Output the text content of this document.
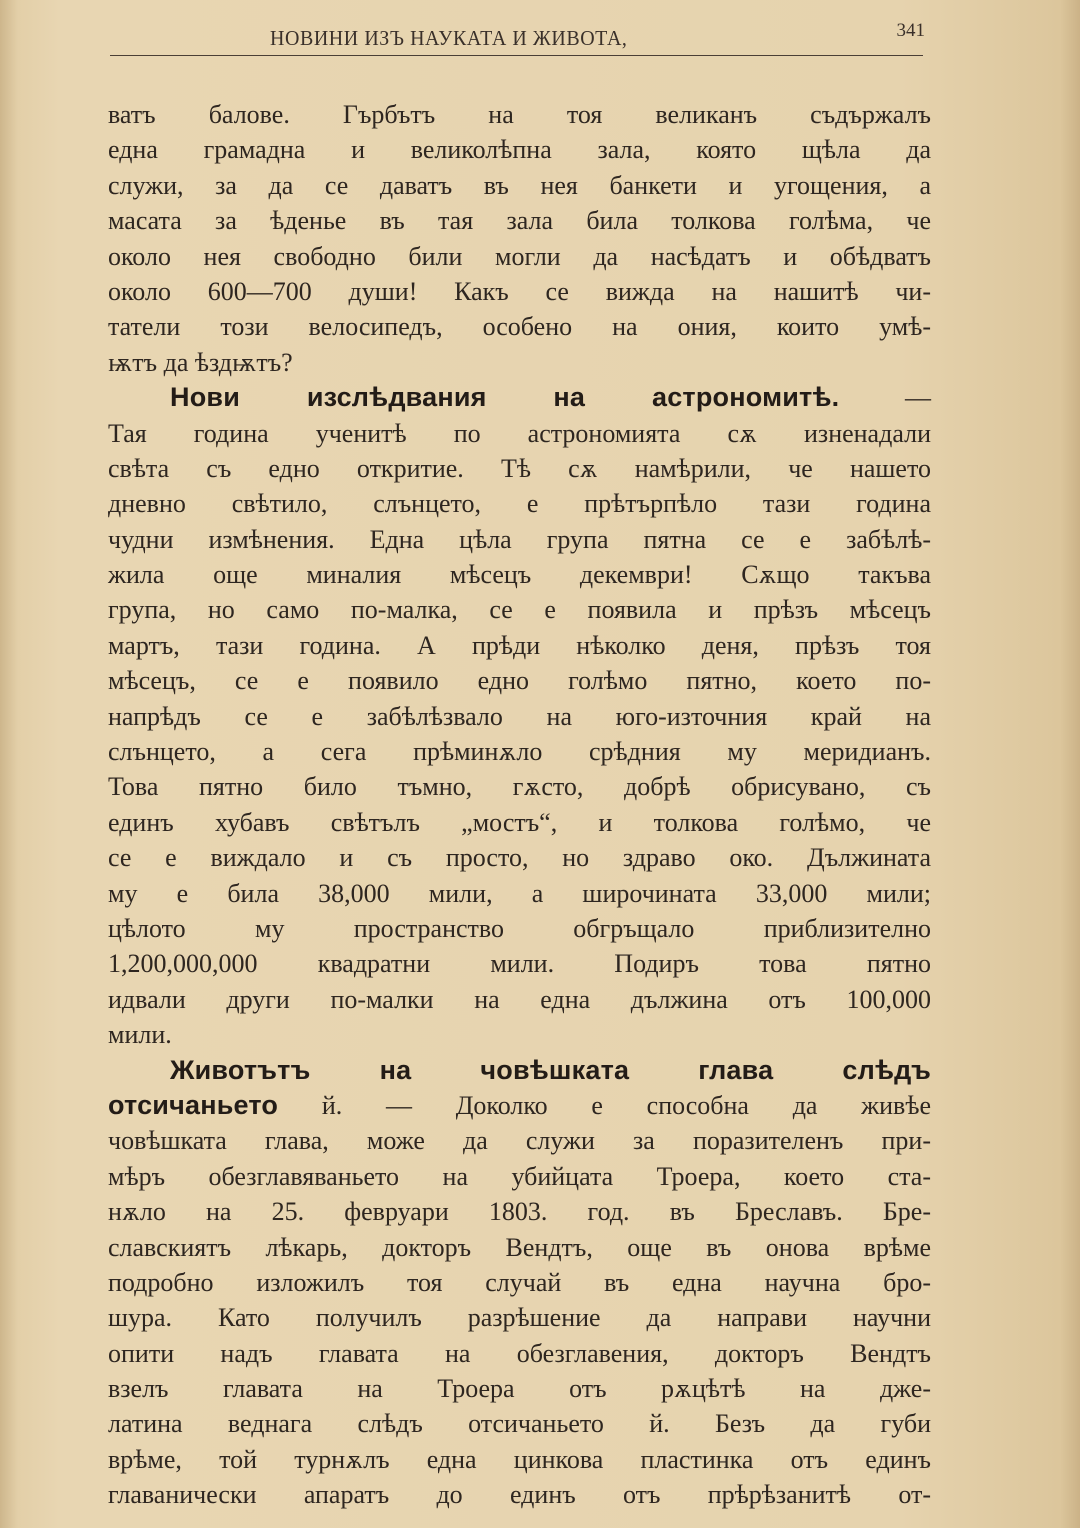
НОВИНИ ИЗЪ НАУКАТА И ЖИВОТА,	341
ватъ балове. Гърбътъ на тоя великанъ съдържалъ
една грамадна и великолѣпна зала, която щѣла да
служи, за да се даватъ въ нея банкети и угощения, а
масата за ѣденье въ тая зала била толкова голѣма, че
около нея свободно били могли да насѣдатъ и обѣдватъ
около 600—700 души! Какъ се вижда на нашитѣ чи-
татели този велосипедъ, особено на ония, които умѣ-
ѭтъ да ѣздѭтъ?
Нови изслѣдвания на астрономитѣ. —
Тая година ученитѣ по астрономията сѫ изненадали
свѣта съ едно откритие. Тѣ сѫ намѣрили, че нашето
дневно свѣтило, слънцето, е прѣтърпѣло тази година
чудни измѣнения. Една цѣла група пятна се е забѣлѣ-
жила още миналия мѣсецъ декември! Сѫщо такъва
група, но само по-малка, се е появила и прѣзъ мѣсецъ
мартъ, тази година. А прѣди нѣколко деня, прѣзъ тоя
мѣсецъ, се е появило едно голѣмо пятно, което по-
напрѣдъ се е забѣлѣзвало на юго-източния край на
слънцето, а сега прѣминѫло срѣдния му меридианъ.
Това пятно било тъмно, гѫсто, добрѣ обрисувано, съ
единъ хубавъ свѣтълъ „мостъ“, и толкова голѣмо, че
се е виждало и съ просто, но здраво око. Дължината
му е била 38,000 мили, а широчината 33,000 мили;
цѣлото му пространство обгръщало приблизително
1,200,000,000 квадратни мили. Подиръ това пятно
идвали други по-малки на една дължина отъ 100,000
мили.
Животътъ на човѣшката глава слѣдъ
отсичаньето й. — Доколко е способна да живѣе
човѣшката глава, може да служи за поразителенъ при-
мѣръ обезглавяваньето на убийцата Троера, което ста-
нѫло на 25. февруари 1803. год. въ Бреславъ. Бре-
славскиятъ лѣкарь, докторъ Вендтъ, още въ онова врѣме
подробно изложилъ тоя случай въ една научна бро-
шура. Като получилъ разрѣшение да направи научни
опити надъ главата на обезглавения, докторъ Вендтъ
взелъ главата на Троера отъ рѫцѣтѣ на дже-
латина веднага слѣдъ отсичаньето й. Безъ да губи
врѣме, той турнѫлъ една цинкова пластинка отъ единъ
главанически апаратъ до единъ отъ прѣрѣзанитѣ от-
